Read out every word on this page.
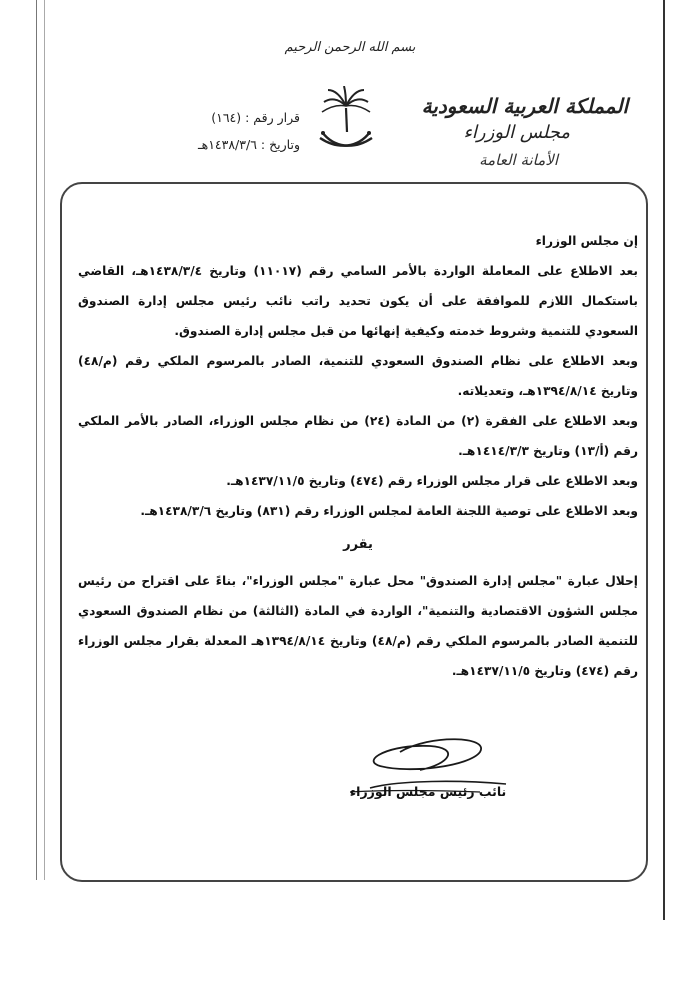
بسم الله الرحمن الرحيم
المملكة العربية السعودية
مجلس الوزراء
الأمانة العامة
قرار رقم : (١٦٤)
وتاريخ : ١٤٣٨/٣/٦هـ

إن مجلس الوزراء

بعد الاطلاع على المعاملة الواردة بالأمر السامي رقم (١١٠١٧) وتاريخ ١٤٣٨/٣/٤هـ، القاضي باستكمال اللازم للموافقة على أن يكون تحديد راتب نائب رئيس مجلس إدارة الصندوق السعودي للتنمية وشروط خدمته وكيفية إنهائها من قبل مجلس إدارة الصندوق.

وبعد الاطلاع على نظام الصندوق السعودي للتنمية، الصادر بالمرسوم الملكي رقم (م/٤٨) وتاريخ ١٣٩٤/٨/١٤هـ، وتعديلاته.

وبعد الاطلاع على الفقرة (٢) من المادة (٢٤) من نظام مجلس الوزراء، الصادر بالأمر الملكي رقم (أ/١٣) وتاريخ ١٤١٤/٣/٣هـ.

وبعد الاطلاع على قرار مجلس الوزراء رقم (٤٧٤) وتاريخ ١٤٣٧/١١/٥هـ.

وبعد الاطلاع على توصية اللجنة العامة لمجلس الوزراء رقم (٨٣١) وتاريخ ١٤٣٨/٣/٦هـ.

يقرر

إحلال عبارة "مجلس إدارة الصندوق" محل عبارة "مجلس الوزراء"، بناءً على اقتراح من رئيس مجلس الشؤون الاقتصادية والتنمية"، الواردة في المادة (الثالثة) من نظام الصندوق السعودي للتنمية الصادر بالمرسوم الملكي رقم (م/٤٨) وتاريخ ١٣٩٤/٨/١٤هـ المعدلة بقرار مجلس الوزراء رقم (٤٧٤) وتاريخ ١٤٣٧/١١/٥هـ.

نائب رئيس مجلس الوزراء
